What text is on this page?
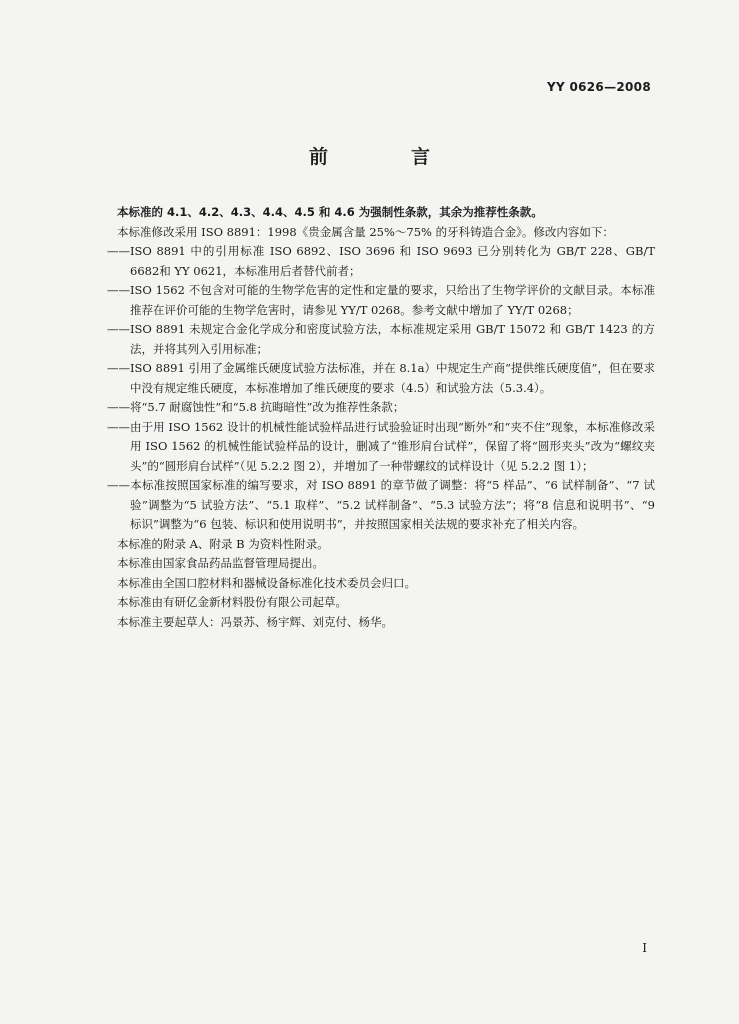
YY 0626—2008
前　言

本标准的 4.1、4.2、4.3、4.4、4.5 和 4.6 为强制性条款，其余为推荐性条款。

本标准修改采用 ISO 8891：1998《贵金属含量 25%～75% 的牙科铸造合金》。修改内容如下：

——ISO 8891 中的引用标准 ISO 6892、ISO 3696 和 ISO 9693 已分别转化为 GB/T 228、GB/T 6682和 YY 0621，本标准用后者替代前者；

——ISO 1562 不包含对可能的生物学危害的定性和定量的要求，只给出了生物学评价的文献目录。本标准推荐在评价可能的生物学危害时，请参见 YY/T 0268。参考文献中增加了 YY/T 0268；

——ISO 8891 未规定合金化学成分和密度试验方法，本标准规定采用 GB/T 15072 和 GB/T 1423 的方法，并将其列入引用标准；

——ISO 8891 引用了金属维氏硬度试验方法标准，并在 8.1a）中规定生产商“提供维氏硬度值”，但在要求中没有规定维氏硬度，本标准增加了维氏硬度的要求（4.5）和试验方法（5.3.4）。

——将“5.7 耐腐蚀性”和“5.8 抗晦暗性”改为推荐性条款；

——由于用 ISO 1562 设计的机械性能试验样品进行试验验证时出现“断外”和“夹不住”现象，本标准修改采用 ISO 1562 的机械性能试验样品的设计，删减了“锥形肩台试样”，保留了将“圆形夹头”改为“螺纹夹头”的“圆形肩台试样”（见 5.2.2 图 2），并增加了一种带螺纹的试样设计（见 5.2.2 图 1）；

——本标准按照国家标准的编写要求，对 ISO 8891 的章节做了调整：将“5 样品”、“6 试样制备”、“7 试验”调整为“5 试验方法”、“5.1 取样”、“5.2 试样制备”、“5.3 试验方法”；将“8 信息和说明书”、“9 标识”调整为“6 包装、标识和使用说明书”，并按照国家相关法规的要求补充了相关内容。

本标准的附录 A、附录 B 为资料性附录。

本标准由国家食品药品监督管理局提出。

本标准由全国口腔材料和器械设备标准化技术委员会归口。

本标准由有研亿金新材料股份有限公司起草。

本标准主要起草人：冯景苏、杨宇辉、刘克付、杨华。

I
